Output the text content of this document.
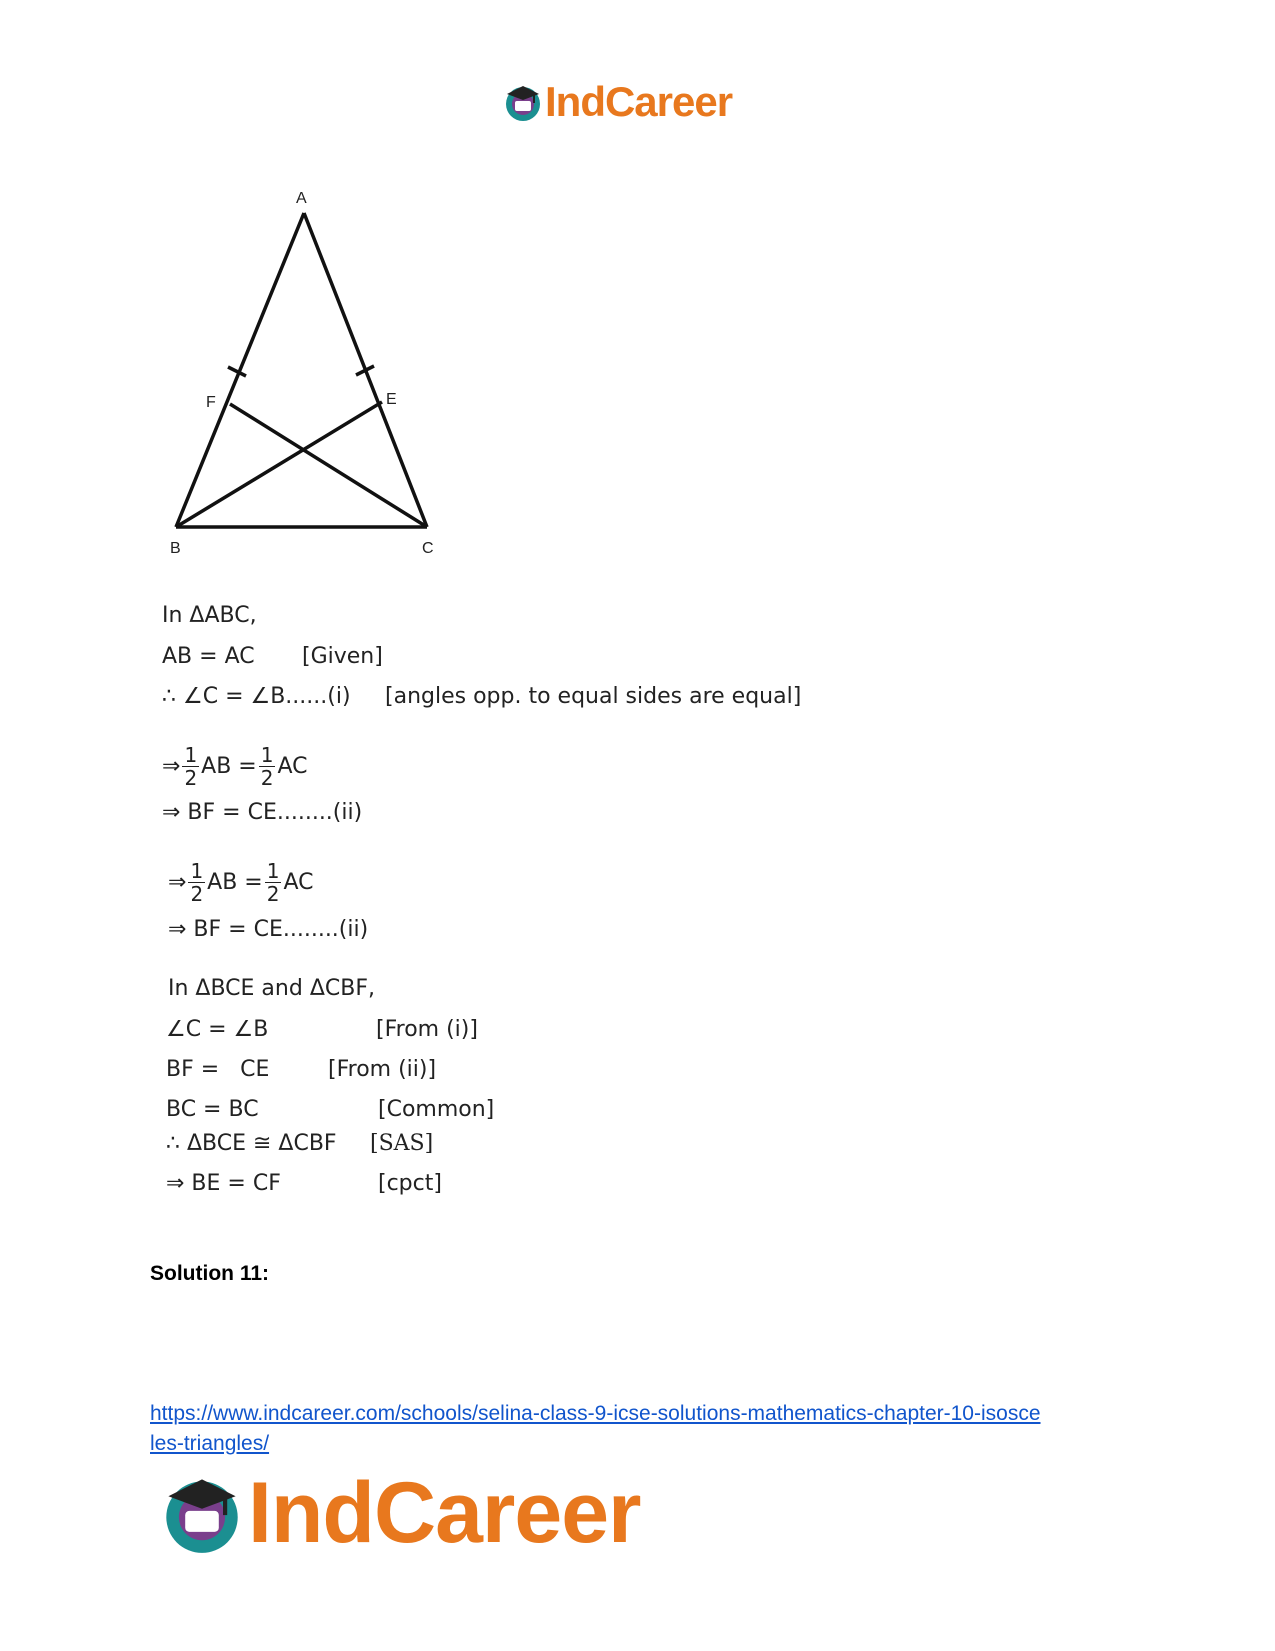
IndCareer
A
B	C
E
F
In ΔABC,
AB = AC [Given]
∴ ∠C = ∠B......(i) [angles opp. to equal sides are equal]
⇒ $\frac{1}{2}$ AB = $\frac{1}{2}$ AC
⇒ BF = CE........(ii)
⇒ $\frac{1}{2}$ AB = $\frac{1}{2}$ AC
⇒ BF = CE........(ii)
In ΔBCE and ΔCBF,
∠C = ∠B	[From (i)]
BF =   CE	[From (ii)]
BC = BC	[Common]
∴ ΔBCE ≅ ΔCBF [SAS]
⇒ BE = CF	[cpct]
Solution 11:
https://www.indcareer.com/schools/selina-class-9-icse-solutions-mathematics-chapter-10-isosce
les-triangles/
IndCareer
